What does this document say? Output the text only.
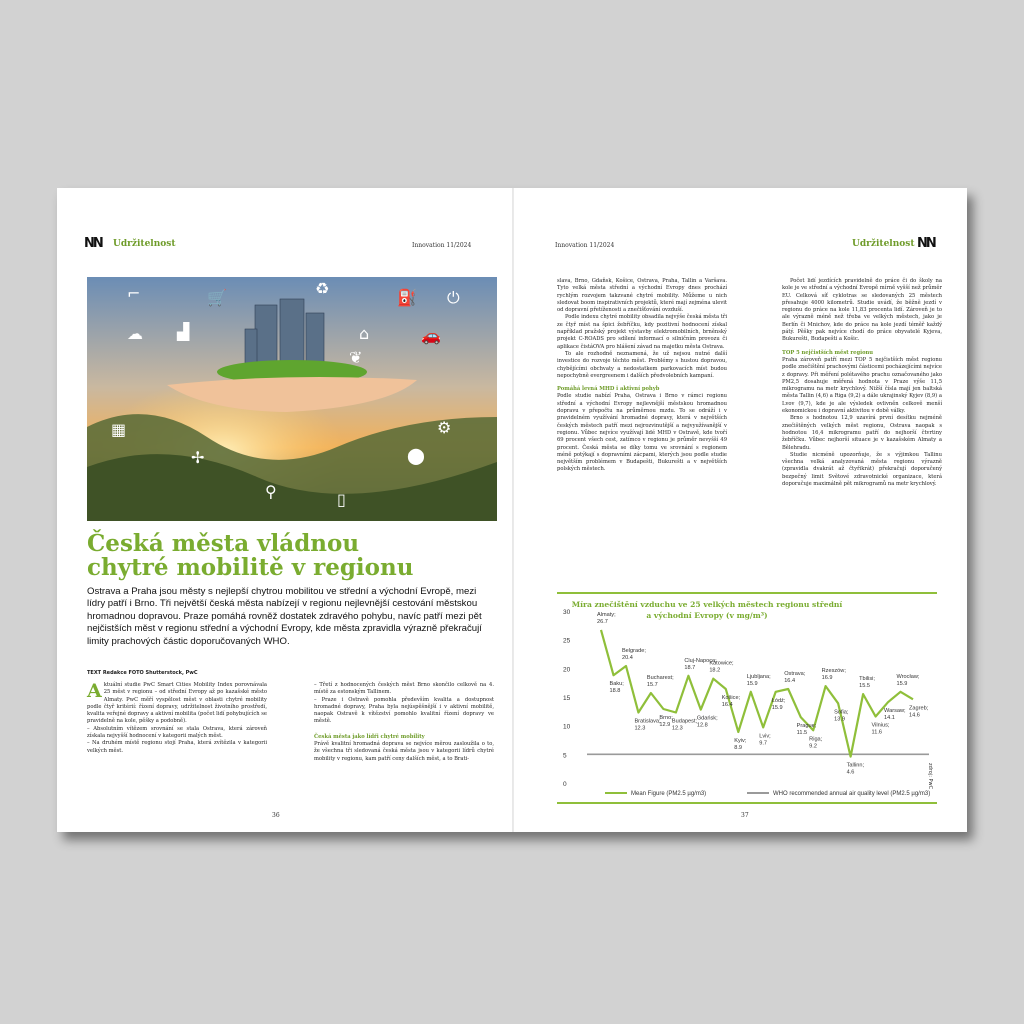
NN Udržitelnost	Innovation 11/2024
⌐	🛒	♻	⛽ ⏻
☁ ▟	🚗
⌂
❦
▦
✢
⚲
⬤
▯
⚙
Česká města vládnou
chytré mobilitě v regionu
Ostrava a Praha jsou městy s nejlepší chytrou mobilitou ve střední a východní Evropě, mezi lídry patří i Brno. Tři největší česká města nabízejí v regionu nejlevnější cestování městskou hromadnou dopravou. Praze pomáhá rovněž dostatek zdravého pohybu, navíc patří mezi pět nejčistších měst v regionu střední a východní Evropy, kde města zpravidla výrazně překračují limity prachových částic doporučovaných WHO.
TEXT Redakce FOTO Shutterstock, PwC
Aktuální studie PwC Smart Cities Mobility Index porovnávala 25 měst v regionu – od střední Evropy až po kazašské město Almaty. PwC měří vyspělost měst v oblasti chytré mobility podle čtyř kritérií: řízení dopravy, udržitelnost životního prostředí, kvalita veřejné dopravy a aktivní mobilita (počet lidí pohybujících se pravidelně na kole, pěšky a podobně).
– Absolutním vítězem srovnání se stala Ostrava, která zároveň získala nejvyšší hodnocení v kategorii malých měst.
– Na druhém místě regionu stojí Praha, která zvítězila v kategorii velkých měst.
– Třetí z hodnocených českých měst Brno skončilo celkově na 4. místě za estonským Tallinem.
– Praze i Ostravě pomohla především kvalita a dostupnost hromadné dopravy, Praha byla nejúspěšnější i v aktivní mobilitě, naopak Ostravě k vítězství pomohlo kvalitní řízení dopravy ve městě.
Česká města jako lídři chytré mobility
Právě kvalitní hromadná doprava se nejvíce měrou zasloužila o to, že všechna tři sledovaná česká města jsou v kategorii lídrů chytré mobility v regionu, kam patří ceny dalších měst, a to Brati-
36
Innovation 11/2024	Udržitelnost NN
slava, Brno, Gdaňsk, Košice, Ostrava, Praha, Tallin a Varšava. Tyto velká města střední a východní Evropy dnes prochází rychlým rozvojem takzvané chytré mobility. Můžeme u nich sledovat boom inspirativních projektů, které mají zejména ulevit od dopravní přetíženosti a znečišťování ovzduší.
Podle indexu chytré mobility obsadila nejvýše česká města tři ze čtyř míst na špici žebříčku, kdy pozitivní hodnocení získal například pražský projekt výstavby elektromobilních, brněnský projekt C-ROADS pro sdílení informací o silničním provozu či aplikace čistáOVA pro hlášení závad na majetku města Ostrava.
To ale rozhodně neznamená, že už nejsou nutné další investice do rozvoje těchto měst. Problémy s hustou dopravou, chybějícími obchvaty a nedostatkem parkovacích míst budou nepochybně evergreenem i dalších předvolebních kampaní.
Pomáhá levná MHD i aktivní pohyb
Podle studie nabízí Praha, Ostrava i Brno v rámci regionu střední a východní Evropy nejlevnější městskou hromadnou dopravu v přepočtu na průměrnou mzdu. To se odráží i v pravidelném využívání hromadné dopravy, která v největších českých městech patří mezi nejrozvinutější a nejvyužívanější v regionu. Vůbec nejvíce využívají lidé MHD v Ostravě, kde tvoří 69 procent všech cest, zatímco v regionu je průměr nevyšší 49 procent. Česká města se díky tomu ve srovnání s regionem méně potýkají s dopravními zácpami, kterých jsou podle studie největším problémem v Budapešti, Bukurešti a v největších polských městech.
Počet lidí jezdících pravidelně do práce či do školy na kole je ve střední a východní Evropě mírně vyšší než průměr EU. Celková síť cyklotras se sledovaných 25 městech přesahuje 4000 kilometrů. Studie uvádí, že běžně jezdí v regionu do práce na kole 11,83 procenta lidí. Zároveň je to ale výrazně méně než třeba ve velkých městech, jako je Berlín či Mnichov, kde do práce na kole jezdí téměř každý pátý. Pěšky pak nejvíce chodí do práce obyvatelé Kyjeva, Bukurešti, Budapešti a Košic.
TOP 5 nejčistších měst regionu
Praha zároveň patří mezi TOP 5 nejčistších měst regionu podle znečištění prachovými částicemi pocházejícími nejvíce z dopravy. Při měření polétavého prachu označovaného jako PM2,5 dosahuje měřená hodnota v Praze výše 11,5 mikrogramu na metr krychlový. Nižší čísla mají jen baltská města Tallin (4,6) a Riga (9,2) a dále ukrajinský Kyjev (8,9) a Lvov (9,7), kde je ale výsledek ovlivněn celkově menší ekonomickou i dopravní aktivitou v době války.
Brno s hodnotou 12,9 uzavírá první desítku nejméně znečištěných velkých měst regionu, Ostrava naopak s hodnotou 16,4 mikrogramu patří do nejhorší čtvrtiny žebříčku. Vůbec nejhorší situace je v kazašském Almaty a Bělehradu.
Studie nicméně upozorňuje, že s výjimkou Tallinu všechna velká analyzovaná města regionu výrazně (zpravidla dvakrát až čtyřikrát) překračují doporučený bezpečný limit Světové zdravotnické organizace, která doporučuje maximálně pět mikrogramů na metr krychlový.
Míra znečištění vzduchu ve 25 velkých městech regionu střední
a východní Evropy (v mg/m³)
0
5
10
15
20
25
30	Almaty;
26.7
Baku;
18.8
Belgrade;
20.4
Bratislava;
12.3
Bucharest;
15.7
Brno;
12.9
Budapest;
12.3
Cluj-Napoca;
18.7
Gdańsk;
12.8
Katowice;
18.2
Košice;
16.4
Kyiv;
8.9
Ljubljana;
15.9
Lviv;
9.7
Łódź;
15.9
Ostrava;
16.4
Prague;
11.5
Riga;
9.2
Rzeszów;
16.9
Sofia;
13.9
Tallinn;
4.6
Tbilisi;
15.5
Vilnius;
11.6
Warsaw;
14.1
Wrocław;
15.9
Zagreb;
14.6
Mean Figure (PM2.5 µg/m3)	WHO recommended annual air quality level (PM2.5 µg/m3)
zdroj: PwC
37
